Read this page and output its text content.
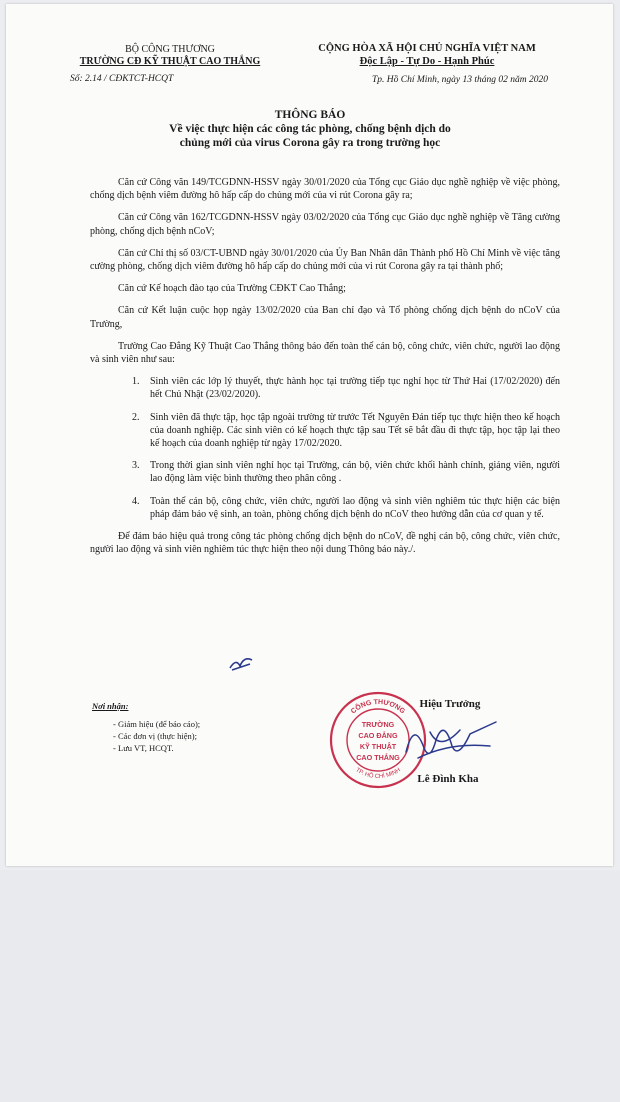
BỘ CÔNG THƯƠNG
TRƯỜNG CĐ KỸ THUẬT CAO THẮNG
Số: 2.14 / CĐKTCT-HCQT
CỘNG HÒA XÃ HỘI CHỦ NGHĨA VIỆT NAM
Độc Lập - Tự Do - Hạnh Phúc
Tp. Hồ Chí Minh, ngày 13 tháng 02 năm 2020
THÔNG BÁO
Về việc thực hiện các công tác phòng, chống bệnh dịch do
chủng mới của virus Corona gây ra trong trường học

Căn cứ Công văn 149/TCGDNN-HSSV ngày 30/01/2020 của Tổng cục Giáo dục nghề nghiệp về việc phòng, chống dịch bệnh viêm đường hô hấp cấp do chủng mới của vi rút Corona gây ra;

Căn cứ Công văn 162/TCGDNN-HSSV ngày 03/02/2020 của Tổng cục Giáo dục nghề nghiệp về Tăng cường phòng, chống dịch bệnh nCoV;

Căn cứ Chỉ thị số 03/CT-UBND ngày 30/01/2020 của Ủy Ban Nhân dân Thành phố Hồ Chí Minh về việc tăng cường phòng, chống dịch viêm đường hô hấp cấp do chủng mới của vi rút Corona gây ra tại thành phố;

Căn cứ Kế hoạch đào tạo của Trường CĐKT Cao Thắng;

Căn cứ Kết luận cuộc họp ngày 13/02/2020 của Ban chỉ đạo và Tổ phòng chống dịch bệnh do nCoV của Trường,

Trường Cao Đẳng Kỹ Thuật Cao Thắng thông báo đến toàn thể cán bộ, công chức, viên chức, người lao động và sinh viên như sau:

1. Sinh viên các lớp lý thuyết, thực hành học tại trường tiếp tục nghỉ học từ Thứ Hai (17/02/2020) đến hết Chủ Nhật (23/02/2020).
2. Sinh viên đã thực tập, học tập ngoài trường từ trước Tết Nguyên Đán tiếp tục thực hiện theo kế hoạch của doanh nghiệp. Các sinh viên có kế hoạch thực tập sau Tết sẽ bắt đầu đi thực tập, học tập lại theo kế hoạch của doanh nghiệp từ ngày 17/02/2020.
3. Trong thời gian sinh viên nghỉ học tại Trường, cán bộ, viên chức khối hành chính, giảng viên, người lao động làm việc bình thường theo phân công .
4. Toàn thể cán bộ, công chức, viên chức, người lao động và sinh viên nghiêm túc thực hiện các biện pháp đảm bảo vệ sinh, an toàn, phòng chống dịch bệnh do nCoV theo hướng dẫn của cơ quan y tế.

Để đảm bảo hiệu quả trong công tác phòng chống dịch bệnh do nCoV, đề nghị cán bộ, công chức, viên chức, người lao động và sinh viên nghiêm túc thực hiện theo nội dung Thông báo này./.

Nơi nhận:
- Giám hiệu (để báo cáo);
- Các đơn vị (thực hiện);
- Lưu VT, HCQT.
CÔNG THƯƠNG
TP. HỒ CHÍ MINH
TRƯỜNG
CAO ĐẲNG
KỸ THUẬT
CAO THẮNG
Hiệu Trưởng
Lê Đình Kha
